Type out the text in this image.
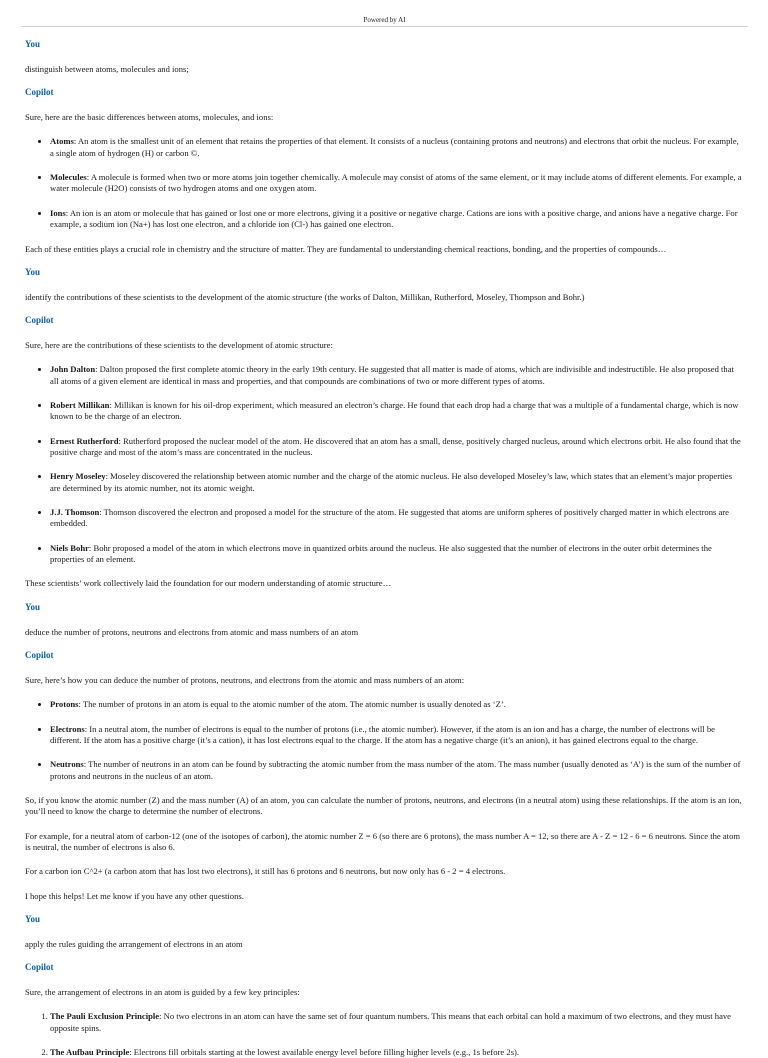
Powered by AI

You

distinguish between atoms, molecules and ions;

Copilot

Sure, here are the basic differences between atoms, molecules, and ions:

• Atoms: An atom is the smallest unit of an element that retains the properties of that element. It consists of a nucleus (containing protons and neutrons) and electrons that orbit the nucleus. For example, a single atom of hydrogen (H) or carbon ©.
• Molecules: A molecule is formed when two or more atoms join together chemically. A molecule may consist of atoms of the same element, or it may include atoms of different elements. For example, a water molecule (H2O) consists of two hydrogen atoms and one oxygen atom.
• Ions: An ion is an atom or molecule that has gained or lost one or more electrons, giving it a positive or negative charge. Cations are ions with a positive charge, and anions have a negative charge. For example, a sodium ion (Na+) has lost one electron, and a chloride ion (Cl-) has gained one electron.

Each of these entities plays a crucial role in chemistry and the structure of matter. They are fundamental to understanding chemical reactions, bonding, and the properties of compounds…

You

identify the contributions of these scientists to the development of the atomic structure (the works of Dalton, Millikan, Rutherford, Moseley, Thompson and Bohr.)

Copilot

Sure, here are the contributions of these scientists to the development of atomic structure:

• John Dalton: Dalton proposed the first complete atomic theory in the early 19th century. He suggested that all matter is made of atoms, which are indivisible and indestructible. He also proposed that all atoms of a given element are identical in mass and properties, and that compounds are combinations of two or more different types of atoms.
• Robert Millikan: Millikan is known for his oil-drop experiment, which measured an electron’s charge. He found that each drop had a charge that was a multiple of a fundamental charge, which is now known to be the charge of an electron.
• Ernest Rutherford: Rutherford proposed the nuclear model of the atom. He discovered that an atom has a small, dense, positively charged nucleus, around which electrons orbit. He also found that the positive charge and most of the atom’s mass are concentrated in the nucleus.
• Henry Moseley: Moseley discovered the relationship between atomic number and the charge of the atomic nucleus. He also developed Moseley’s law, which states that an element’s major properties are determined by its atomic number, not its atomic weight.
• J.J. Thomson: Thomson discovered the electron and proposed a model for the structure of the atom. He suggested that atoms are uniform spheres of positively charged matter in which electrons are embedded.
• Niels Bohr: Bohr proposed a model of the atom in which electrons move in quantized orbits around the nucleus. He also suggested that the number of electrons in the outer orbit determines the properties of an element.

These scientists’ work collectively laid the foundation for our modern understanding of atomic structure…

You

deduce the number of protons, neutrons and electrons from atomic and mass numbers of an atom

Copilot

Sure, here’s how you can deduce the number of protons, neutrons, and electrons from the atomic and mass numbers of an atom:

• Protons: The number of protons in an atom is equal to the atomic number of the atom. The atomic number is usually denoted as ‘Z’.
• Electrons: In a neutral atom, the number of electrons is equal to the number of protons (i.e., the atomic number). However, if the atom is an ion and has a charge, the number of electrons will be different. If the atom has a positive charge (it’s a cation), it has lost electrons equal to the charge. If the atom has a negative charge (it’s an anion), it has gained electrons equal to the charge.
• Neutrons: The number of neutrons in an atom can be found by subtracting the atomic number from the mass number of the atom. The mass number (usually denoted as ‘A’) is the sum of the number of protons and neutrons in the nucleus of an atom.

So, if you know the atomic number (Z) and the mass number (A) of an atom, you can calculate the number of protons, neutrons, and electrons (in a neutral atom) using these relationships. If the atom is an ion, you’ll need to know the charge to determine the number of electrons.

For example, for a neutral atom of carbon-12 (one of the isotopes of carbon), the atomic number Z = 6 (so there are 6 protons), the mass number A = 12, so there are A - Z = 12 - 6 = 6 neutrons. Since the atom is neutral, the number of electrons is also 6.

For a carbon ion C^2+ (a carbon atom that has lost two electrons), it still has 6 protons and 6 neutrons, but now only has 6 - 2 = 4 electrons.

I hope this helps! Let me know if you have any other questions.

You

apply the rules guiding the arrangement of electrons in an atom

Copilot

Sure, the arrangement of electrons in an atom is guided by a few key principles:

1. The Pauli Exclusion Principle: No two electrons in an atom can have the same set of four quantum numbers. This means that each orbital can hold a maximum of two electrons, and they must have opposite spins.
2. The Aufbau Principle: Electrons fill orbitals starting at the lowest available energy level before filling higher levels (e.g., 1s before 2s).
